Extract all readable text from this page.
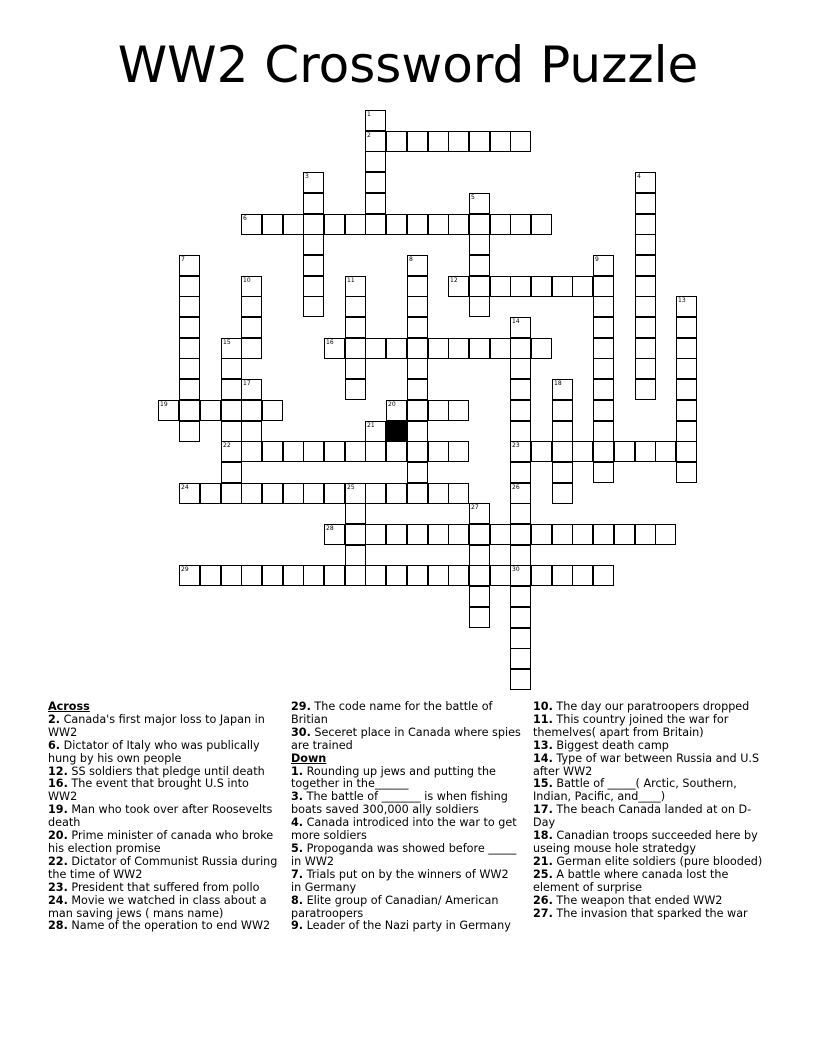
WW2 Crossword Puzzle
1
2
3	4
5
6
7	8	9
10	11	12
13
14
23
15
22
16
17	18
19	20
21
24	25	26
30
27
28
29
Across
2. Canada's first major loss to Japan in WW2
6. Dictator of Italy who was publically hung by his own people
12. SS soldiers that pledge until death
16. The event that brought U.S into WW2
19. Man who took over after Roosevelts death
20. Prime minister of canada who broke his election promise
22. Dictator of Communist Russia during the time of WW2
23. President that suffered from pollo
24. Movie we watched in class about a man saving jews ( mans name)
28. Name of the operation to end WW2
29. The code name for the battle of Britian
30. Seceret place in Canada where spies are trained
Down
1. Rounding up jews and putting the together in the______
3. The battle of _______ is when fishing boats saved 300,000 ally soldiers
4. Canada introdiced into the war to get more soldiers
5. Propoganda was showed before _____ in WW2
7. Trials put on by the winners of WW2 in Germany
8. Elite group of Canadian/ American paratroopers
9. Leader of the Nazi party in Germany
10. The day our paratroopers dropped
11. This country joined the war for themelves( apart from Britain)
13. Biggest death camp
14. Type of war between Russia and U.S after WW2
15. Battle of _____( Arctic, Southern, Indian, Pacific, and____)
17. The beach Canada landed at on D-Day
18. Canadian troops succeeded here by useing mouse hole stratedgy
21. German elite soldiers (pure blooded)
25. A battle where canada lost the element of surprise
26. The weapon that ended WW2
27. The invasion that sparked the war
